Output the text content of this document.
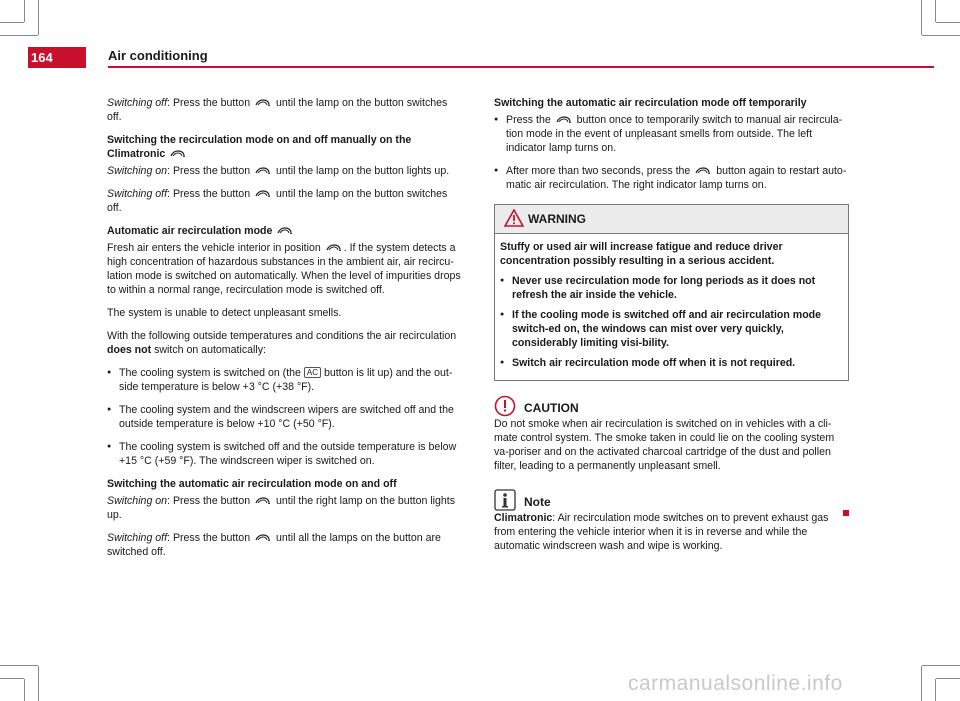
164	Air conditioning

Switching off: Press the button  until the lamp on the button switches off.

Switching the recirculation mode on and off manually on the Climatronic

Switching on: Press the button  until the lamp on the button lights up.

Switching off: Press the button  until the lamp on the button switches off.

Automatic air recirculation mode

Fresh air enters the vehicle interior in position . If the system detects a high concentration of hazardous substances in the ambient air, air recircu-lation mode is switched on automatically. When the level of impurities drops to within a normal range, recirculation mode is switched off.

The system is unable to detect unpleasant smells.

With the following outside temperatures and conditions the air recirculation does not switch on automatically:

● The cooling system is switched on (the AC button is lit up) and the out-side temperature is below +3 °C (+38 °F).

● The cooling system and the windscreen wipers are switched off and the outside temperature is below +10 °C (+50 °F).

● The cooling system is switched off and the outside temperature is below +15 °C (+59 °F). The windscreen wiper is switched on.

Switching the automatic air recirculation mode on and off

Switching on: Press the button  until the right lamp on the button lights up.

Switching off: Press the button  until all the lamps on the button are switched off.

Switching the automatic air recirculation mode off temporarily

● Press the  button once to temporarily switch to manual air recircula-tion mode in the event of unpleasant smells from outside. The left indicator lamp turns on.

● After more than two seconds, press the  button again to restart auto-matic air recirculation. The right indicator lamp turns on.

WARNING

Stuffy or used air will increase fatigue and reduce driver concentration possibly resulting in a serious accident.

● Never use recirculation mode for long periods as it does not refresh the air inside the vehicle.

● If the cooling mode is switched off and air recirculation mode switch-ed on, the windows can mist over very quickly, considerably limiting visi-bility.

● Switch air recirculation mode off when it is not required.

CAUTION

Do not smoke when air recirculation is switched on in vehicles with a cli-mate control system. The smoke taken in could lie on the cooling system va-poriser and on the activated charcoal cartridge of the dust and pollen filter, leading to a permanently unpleasant smell.

Note

Climatronic: Air recirculation mode switches on to prevent exhaust gas from entering the vehicle interior when it is in reverse and while the automatic windscreen wash and wipe is working.

carmanualsonline.info
